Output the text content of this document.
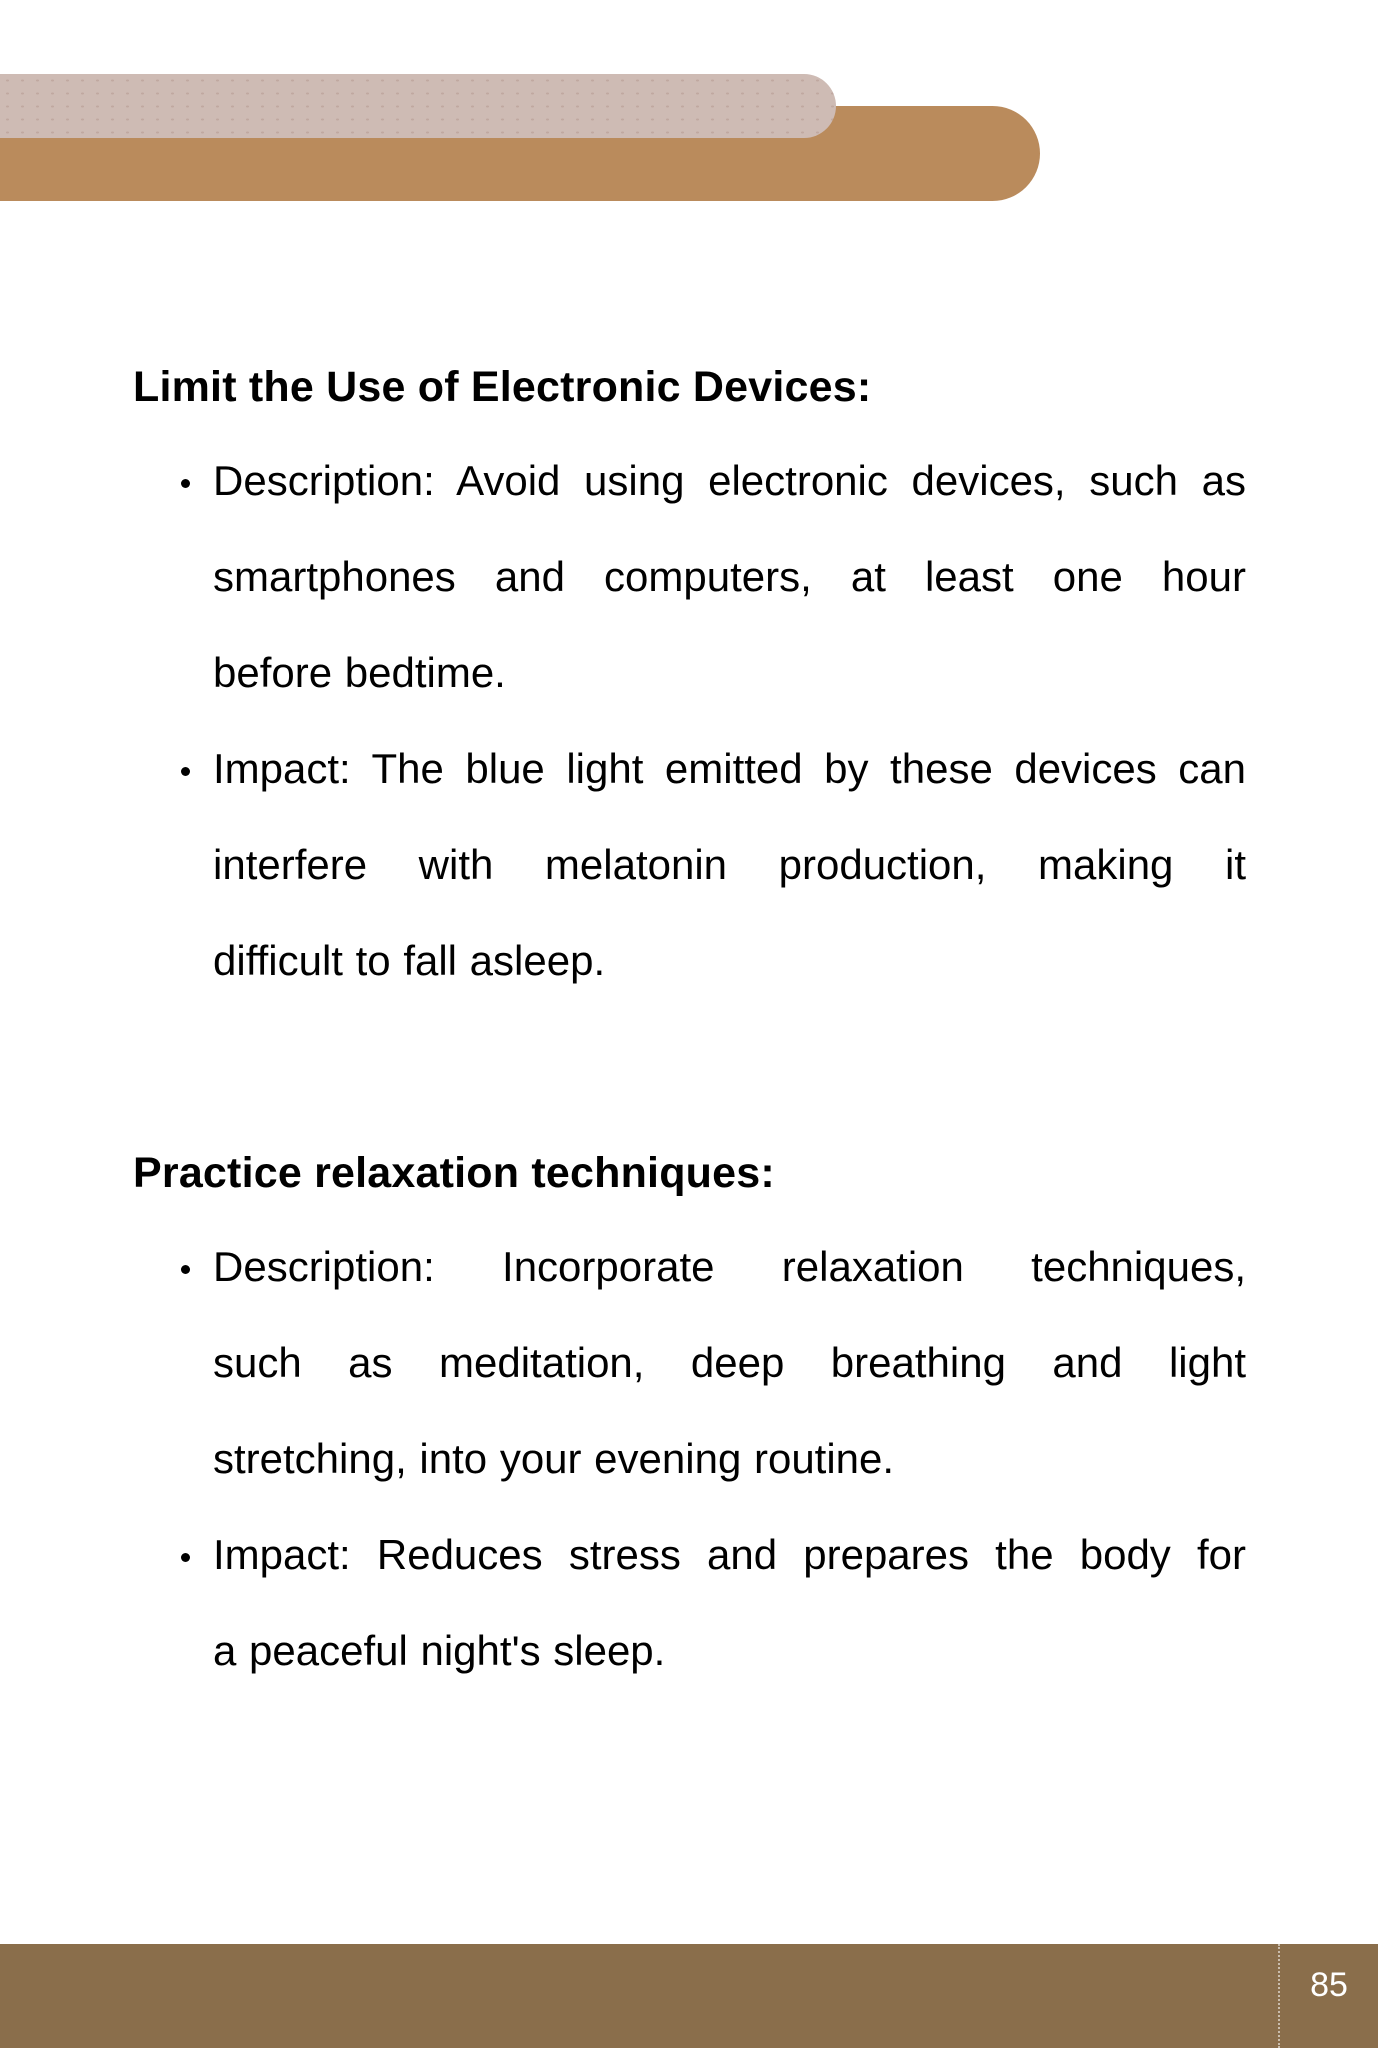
Limit the Use of Electronic Devices:
Description: Avoid using electronic devices, such as
smartphones and computers, at least one hour
before bedtime.
Impact: The blue light emitted by these devices can
interfere with melatonin production, making it
difficult to fall asleep.
Practice relaxation techniques:
Description: Incorporate relaxation techniques,
such as meditation, deep breathing and light
stretching, into your evening routine.
Impact: Reduces stress and prepares the body for
a peaceful night's sleep.
85
